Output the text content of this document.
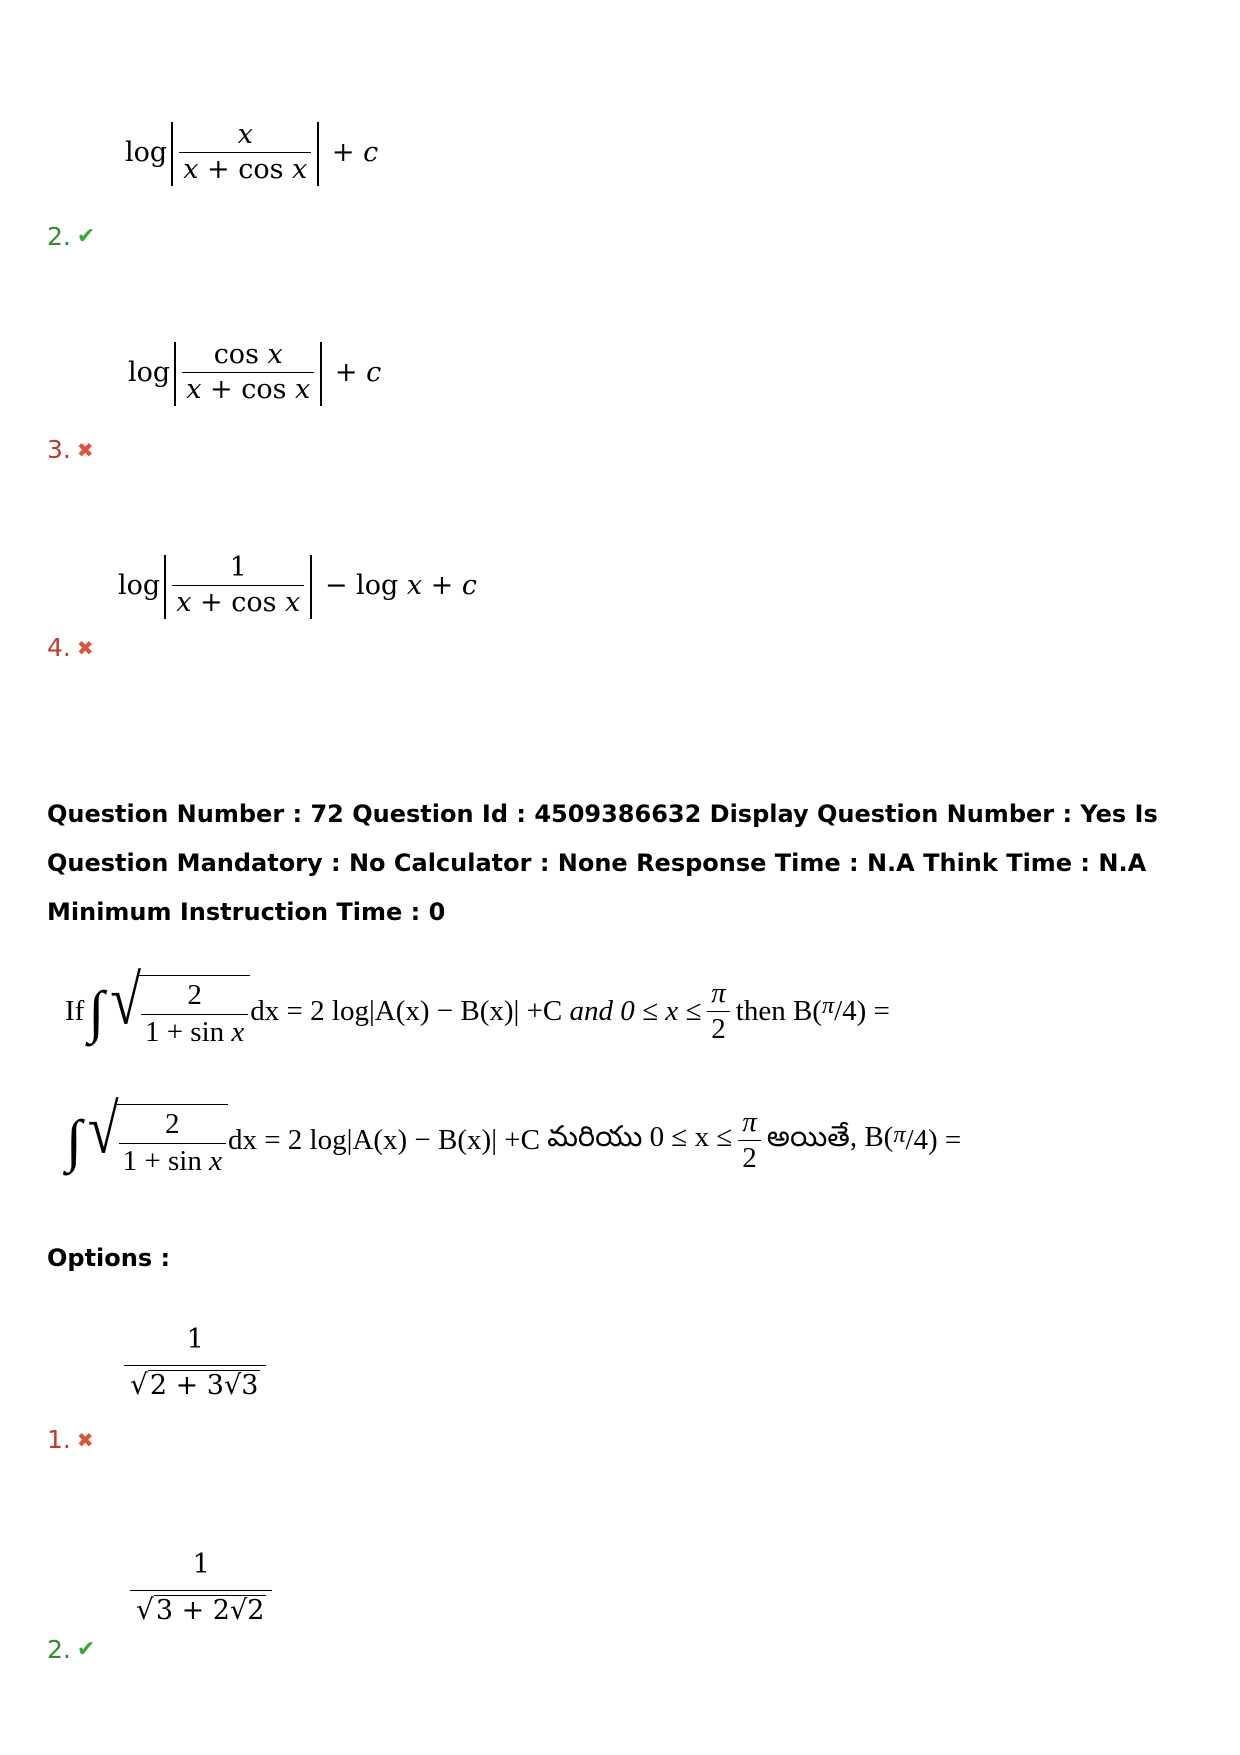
$\log \frac{x}{\text{x + cos x}} + c$
2. ✔
$\log \frac{\text{cos x}}{\text{x + cos x}} + c$
3. ✖
$\log \frac{1}{\text{x + cos x}} - \log x + c$
4. ✖
Question Number : 72 Question Id : 4509386632 Display Question Number : Yes Is Question Mandatory : No Calculator : None Response Time : N.A Think Time : N.A Minimum Instruction Time : 0
If ∫ √ $\frac{2}{\text{1 + sin x}}$ dx = 2 log|A(x) − B(x)| +C
and $0 \le x \le \frac{\pi}{2}$ then B( $^\pi$ /4) =
∫ √ $\frac{2}{\text{1 + sin x}}$ dx = 2 log|A(x) − B(x)| +C
మరియు $0 \le x \le \frac{\pi}{2}$ అయితే, B( $^\pi$ /4) =
Options :
$\frac{1}{√ 2 + 3√3}$
1. ✖
$\frac{1}{√ 3 + 2√2}$
2. ✔
